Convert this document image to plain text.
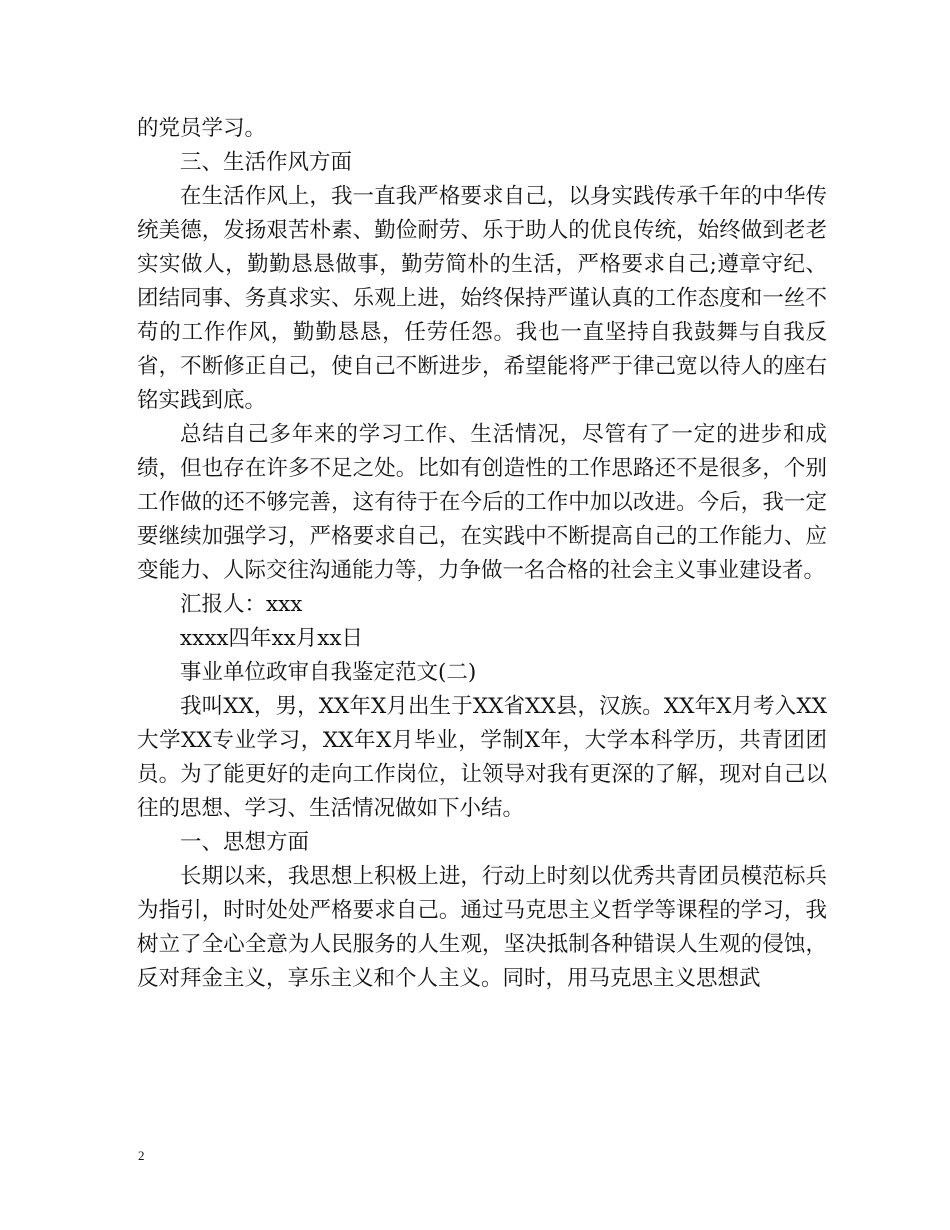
的党员学习。

三、生活作风方面

在生活作风上，我一直我严格要求自己，以身实践传承千年的中华传统美德，发扬艰苦朴素、勤俭耐劳、乐于助人的优良传统，始终做到老老实实做人，勤勤恳恳做事，勤劳简朴的生活，严格要求自己;遵章守纪、团结同事、务真求实、乐观上进，始终保持严谨认真的工作态度和一丝不苟的工作作风，勤勤恳恳，任劳任怨。我也一直坚持自我鼓舞与自我反省，不断修正自己，使自己不断进步，希望能将严于律己宽以待人的座右铭实践到底。

总结自己多年来的学习工作、生活情况，尽管有了一定的进步和成绩，但也存在许多不足之处。比如有创造性的工作思路还不是很多，个别工作做的还不够完善，这有待于在今后的工作中加以改进。今后，我一定要继续加强学习，严格要求自己，在实践中不断提高自己的工作能力、应变能力、人际交往沟通能力等，力争做一名合格的社会主义事业建设者。

汇报人：xxx

xxxx四年xx月xx日

事业单位政审自我鉴定范文(二)

我叫XX，男，XX年X月出生于XX省XX县，汉族。XX年X月考入XX大学XX专业学习，XX年X月毕业，学制X年，大学本科学历，共青团团员。为了能更好的走向工作岗位，让领导对我有更深的了解，现对自己以往的思想、学习、生活情况做如下小结。

一、思想方面

长期以来，我思想上积极上进，行动上时刻以优秀共青团员模范标兵为指引，时时处处严格要求自己。通过马克思主义哲学等课程的学习，我树立了全心全意为人民服务的人生观，坚决抵制各种错误人生观的侵蚀，反对拜金主义，享乐主义和个人主义。同时，用马克思主义思想武

2
